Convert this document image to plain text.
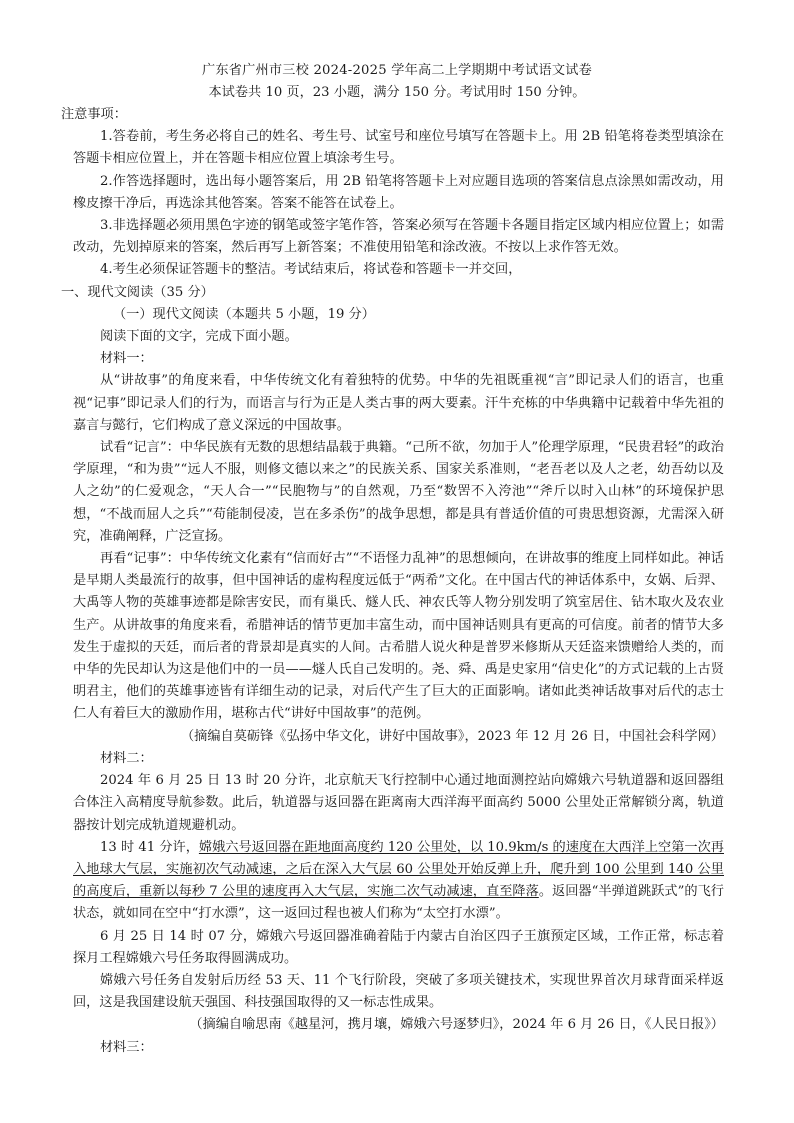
广东省广州市三校 2024-2025 学年高二上学期期中考试语文试卷
本试卷共 10 页，23 小题，满分 150 分。考试用时 150 分钟。

注意事项：

1.答卷前，考生务必将自己的姓名、考生号、试室号和座位号填写在答题卡上。用 2B 铅笔将卷类型填涂在答题卡相应位置上，并在答题卡相应位置上填涂考生号。

2.作答选择题时，选出每小题答案后，用 2B 铅笔将答题卡上对应题目选项的答案信息点涂黑如需改动，用橡皮擦干净后，再选涂其他答案。答案不能答在试卷上。

3.非选择题必须用黑色字迹的钢笔或签字笔作答，答案必须写在答题卡各题目指定区域内相应位置上；如需改动，先划掉原来的答案，然后再写上新答案；不准使用铅笔和涂改液。不按以上求作答无效。

4.考生必须保证答题卡的整洁。考试结束后，将试卷和答题卡一并交回，

一、现代文阅读（35 分）

（一）现代文阅读（本题共 5 小题，19 分）

阅读下面的文字，完成下面小题。

材料一：

从“讲故事”的角度来看，中华传统文化有着独特的优势。中华的先祖既重视“言”即记录人们的语言，也重视“记事”即记录人们的行为，而语言与行为正是人类古事的两大要素。汗牛充栋的中华典籍中记载着中华先祖的嘉言与懿行，它们构成了意义深远的中国故事。

试看“记言”：中华民族有无数的思想结晶载于典籍。“己所不欲，勿加于人”伦理学原理，“民贵君轻”的政治学原理，“和为贵”“远人不服，则修文德以来之”的民族关系、国家关系准则，“老吾老以及人之老，幼吾幼以及人之幼”的仁爱观念，“天人合一”“民胞物与”的自然观，乃至“数罟不入洿池”“斧斤以时入山林”的环境保护思想，“不战而屈人之兵”“苟能制侵凌，岂在多杀伤”的战争思想，都是具有普适价值的可贵思想资源，尤需深入研究，准确阐释，广泛宣扬。

再看“记事”：中华传统文化素有“信而好古”“不语怪力乱神”的思想倾向，在讲故事的维度上同样如此。神话是早期人类最流行的故事，但中国神话的虚构程度远低于“两希”文化。在中国古代的神话体系中，女娲、后羿、大禹等人物的英雄事迹都是除害安民，而有巢氏、燧人氏、神农氏等人物分别发明了筑室居住、钻木取火及农业生产。从讲故事的角度来看，希腊神话的情节更加丰富生动，而中国神话则具有更高的可信度。前者的情节大多发生于虚拟的天廷，而后者的背景却是真实的人间。古希腊人说火种是普罗米修斯从天廷盗来馈赠给人类的，而中华的先民却认为这是他们中的一员——燧人氏自己发明的。尧、舜、禹是史家用“信史化”的方式记载的上古贤明君主，他们的英雄事迹皆有详细生动的记录，对后代产生了巨大的正面影响。诸如此类神话故事对后代的志士仁人有着巨大的激励作用，堪称古代“讲好中国故事”的范例。

（摘编自莫砺锋《弘扬中华文化，讲好中国故事》，2023 年 12 月 26 日，中国社会科学网）

材料二：

2024 年 6 月 25 日 13 时 20 分许，北京航天飞行控制中心通过地面测控站向嫦娥六号轨道器和返回器组合体注入高精度导航参数。此后，轨道器与返回器在距离南大西洋海平面高约 5000 公里处正常解锁分离，轨道器按计划完成轨道规避机动。

13 时 41 分许，嫦娥六号返回器在距地面高度约 120 公里处，以 10.9km/s 的速度在大西洋上空第一次再入地球大气层，实施初次气动减速，之后在深入大气层 60 公里处开始反弹上升，爬升到 100 公里到 140 公里的高度后，重新以每秒 7 公里的速度再入大气层，实施二次气动减速，直至降落。返回器“半弹道跳跃式”的飞行状态，就如同在空中“打水漂”，这一返回过程也被人们称为“太空打水漂”。

6 月 25 日 14 时 07 分，嫦娥六号返回器准确着陆于内蒙古自治区四子王旗预定区域，工作正常，标志着探月工程嫦娥六号任务取得圆满成功。

嫦娥六号任务自发射后历经 53 天、11 个飞行阶段，突破了多项关键技术，实现世界首次月球背面采样返回，这是我国建设航天强国、科技强国取得的又一标志性成果。

（摘编自喻思南《越星河，携月壤，嫦娥六号逐梦归》，2024 年 6 月 26 日，《人民日报》）

材料三：
